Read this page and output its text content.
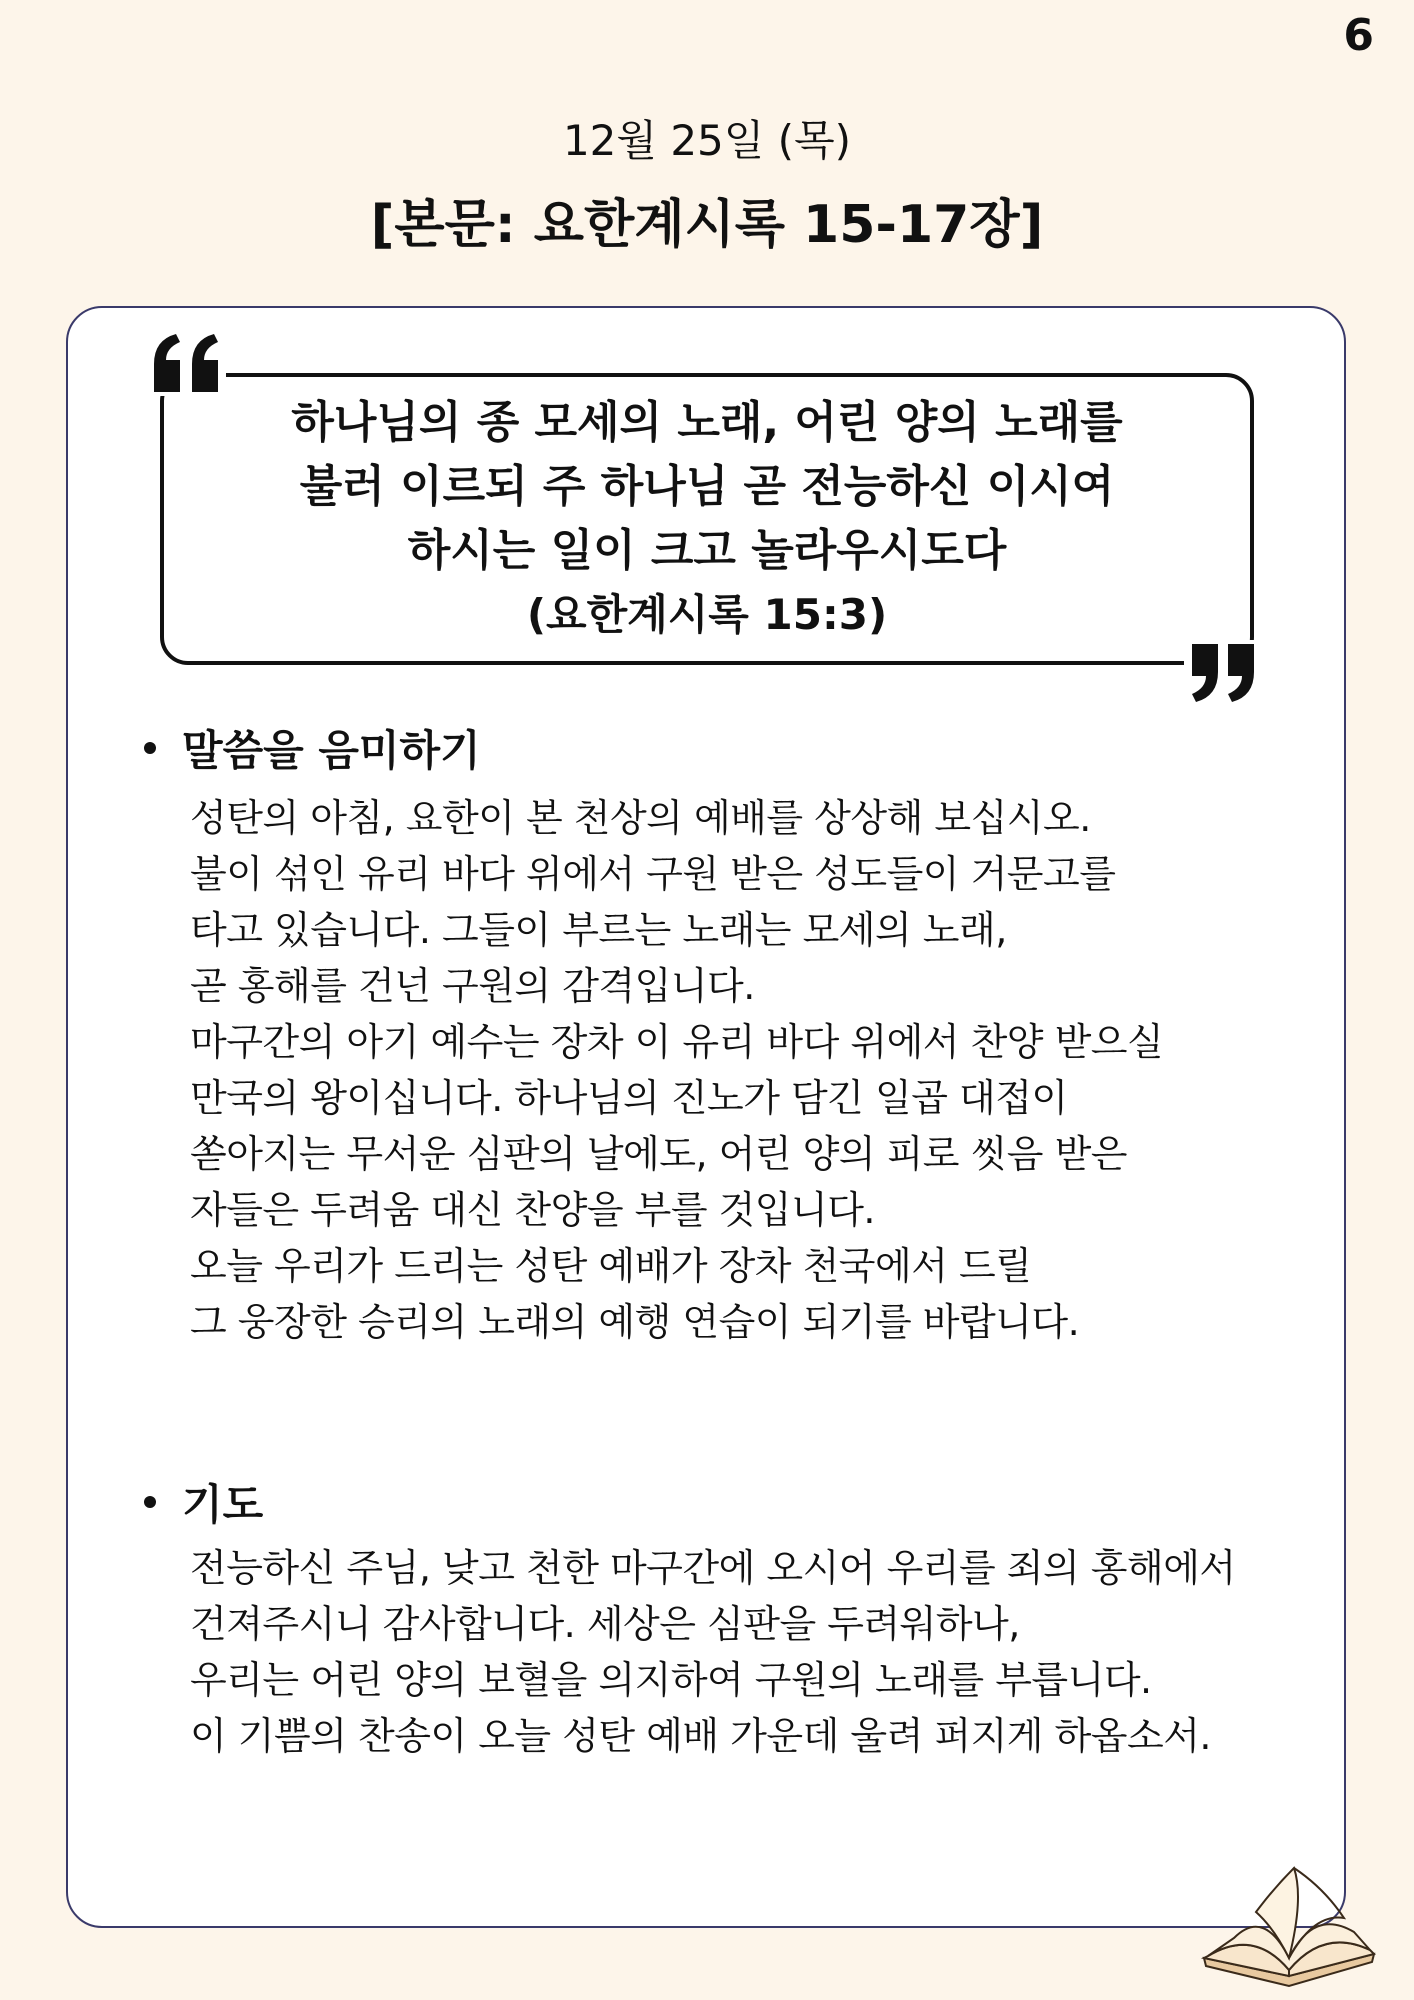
6
12월 25일 (목)
[본문: 요한계시록 15-17장]
하나님의 종 모세의 노래, 어린 양의 노래를
불러 이르되 주 하나님 곧 전능하신 이시여
하시는 일이 크고 놀라우시도다
(요한계시록 15:3)
말씀을 음미하기
성탄의 아침, 요한이 본 천상의 예배를 상상해 보십시오.
불이 섞인 유리 바다 위에서 구원 받은 성도들이 거문고를
타고 있습니다. 그들이 부르는 노래는 모세의 노래,
곧 홍해를 건넌 구원의 감격입니다.
마구간의 아기 예수는 장차 이 유리 바다 위에서 찬양 받으실
만국의 왕이십니다. 하나님의 진노가 담긴 일곱 대접이
쏟아지는 무서운 심판의 날에도, 어린 양의 피로 씻음 받은
자들은 두려움 대신 찬양을 부를 것입니다.
오늘 우리가 드리는 성탄 예배가 장차 천국에서 드릴
그 웅장한 승리의 노래의 예행 연습이 되기를 바랍니다.
기도
전능하신 주님, 낮고 천한 마구간에 오시어 우리를 죄의 홍해에서
건져주시니 감사합니다. 세상은 심판을 두려워하나,
우리는 어린 양의 보혈을 의지하여 구원의 노래를 부릅니다.
이 기쁨의 찬송이 오늘 성탄 예배 가운데 울려 퍼지게 하옵소서.
